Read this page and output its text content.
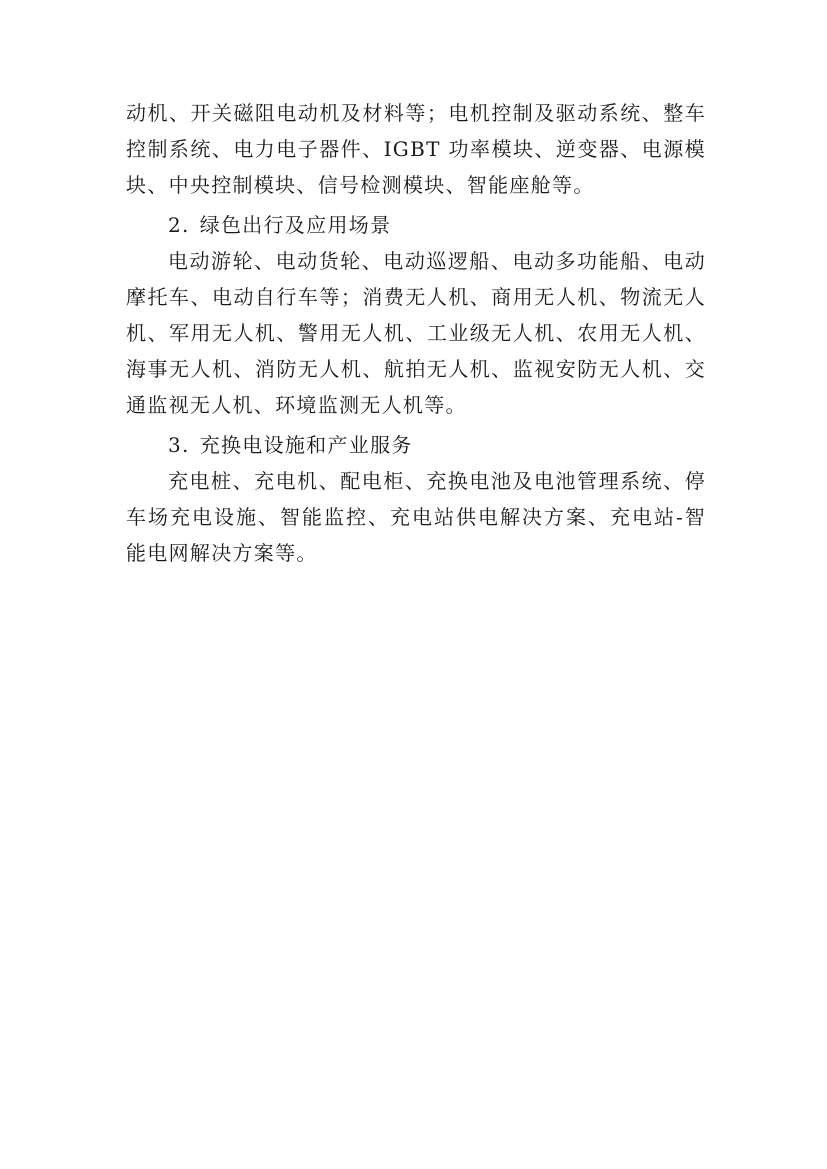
动机、开关磁阻电动机及材料等；电机控制及驱动系统、整车控制系统、电力电子器件、IGBT 功率模块、逆变器、电源模块、中央控制模块、信号检测模块、智能座舱等。

2. 绿色出行及应用场景

电动游轮、电动货轮、电动巡逻船、电动多功能船、电动摩托车、电动自行车等；消费无人机、商用无人机、物流无人机、军用无人机、警用无人机、工业级无人机、农用无人机、海事无人机、消防无人机、航拍无人机、监视安防无人机、交通监视无人机、环境监测无人机等。

3. 充换电设施和产业服务

充电桩、充电机、配电柜、充换电池及电池管理系统、停车场充电设施、智能监控、充电站供电解决方案、充电站-智能电网解决方案等。
